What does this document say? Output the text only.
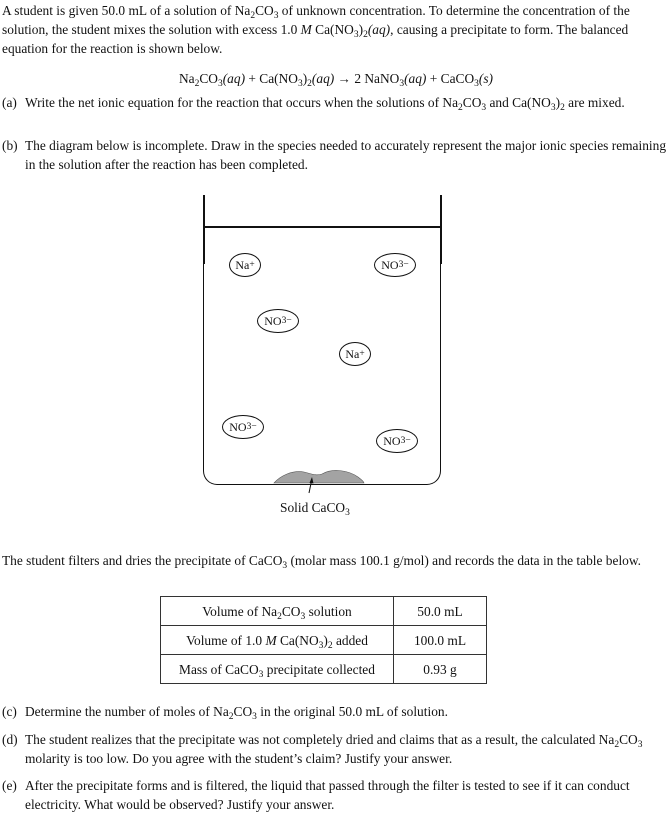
A student is given 50.0 mL of a solution of $Na_2CO_3$ of unknown concentration. To determine the concentration of the solution, the student mixes the solution with excess 1.0 M $Ca(NO_3)_2(aq)$, causing a precipitate to form. The balanced equation for the reaction is shown below.
$Na_2CO_3(aq) + Ca(NO_3)_2(aq) \to 2$ NaNO$_3$(aq) + CaCO$_3$(s)
(a) Write the net ionic equation for the reaction that occurs when the solutions of $Na_2CO_3$ and $Ca(NO_3)_2$ are mixed.
(b) The diagram below is incomplete. Draw in the species needed to accurately represent the major ionic species remaining in the solution after the reaction has been completed.
Solid CaCO$_3$
Na +	NO 3 −
NO 3 −
Na +
NO 3 −
NO 3 −
The student filters and dries the precipitate of CaCO$_3$ (molar mass 100.1 g/mol) and records the data in the table below.
Volume of $Na_2CO_3$ solution	50.0 mL
Volume of 1.0 M $Ca(NO_3)_2$ added	100.0 mL
Mass of CaCO$_3$ precipitate collected	0.93 g
(c) Determine the number of moles of $Na_2CO_3$ in the original 50.0 mL of solution.
(d) The student realizes that the precipitate was not completely dried and claims that as a result, the calculated $Na_2CO_3$ molarity is too low. Do you agree with the student’s claim? Justify your answer.
(e) After the precipitate forms and is filtered, the liquid that passed through the filter is tested to see if it can conduct electricity. What would be observed? Justify your answer.
